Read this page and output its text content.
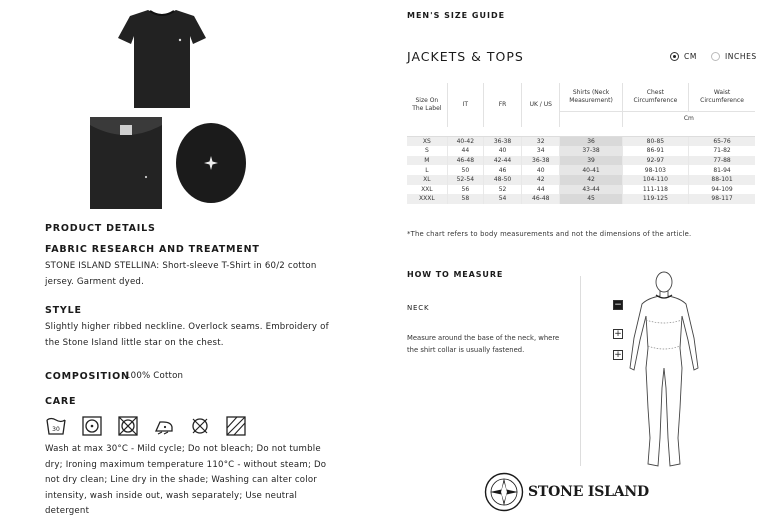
PRODUCT DETAILS
FABRIC RESEARCH AND TREATMENT
STONE ISLAND STELLINA: Short-sleeve T-Shirt in 60/2 cotton jersey. Garment dyed.
STYLE
Slightly higher ribbed neckline. Overlock seams. Embroidery of the Stone Island little star on the chest.
COMPOSITION
100% Cotton
CARE
30
Wash at max 30°C - Mild cycle; Do not bleach; Do not tumble dry; Ironing maximum temperature 110°C - without steam; Do not dry clean; Line dry in the shade; Washing can alter color intensity, wash inside out, wash separately; Use neutral detergent
MEN'S SIZE GUIDE
JACKETS & TOPS	CM	INCHES
Size On The Label	IT	FR	UK / US	Shirts (Neck Measurement)	Chest Circumference	Waist Circumference
					Cm	

XS	40-42	36-38	32	36	80-85	65-76
S	44	40	34	37-38	86-91	71-82
M	46-48	42-44	36-38	39	92-97	77-88
L	50	46	40	40-41	98-103	81-94
XL	52-54	48-50	42	42	104-110	88-101
XXL	56	52	44	43-44	111-118	94-109
XXXL	58	54	46-48	45	119-125	98-117
*The chart refers to body measurements and not the dimensions of the article.
HOW TO MEASURE
NECK
Measure around the base of the neck, where the shirt collar is usually fastened.
−
+
+
STONE ISLAND
